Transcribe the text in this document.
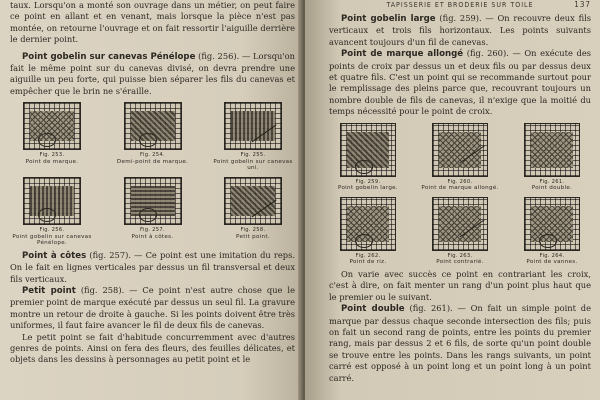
taux. Lorsqu'on a monté son ouvrage dans un métier, on peut faire ce point en allant et en venant, mais lorsque la pièce n'est pas montée, on retourne l'ouvrage et on fait ressortir l'aiguille derrière le dernier point.

Point gobelin sur canevas Pénélope (fig. 256). — Lorsqu'on fait le même point sur du canevas divisé, on devra prendre une aiguille un peu forte, qui puisse bien séparer les fils du canevas et empêcher que le brin ne s'éraille.

Fig. 253.
Point de marque.
Fig. 254.
Demi-point de marque.
Fig. 255.
Point gobelin sur canevas uni.
Fig. 256.
Point gobelin sur canevas Pénélope.
Fig. 257.
Point à côtes.
Fig. 258.
Petit point.

Point à côtes (fig. 257). — Ce point est une imitation du reps. On le fait en lignes verticales par dessus un fil transversal et deux fils verticaux.

Petit point (fig. 258). — Ce point n'est autre chose que le premier point de marque exécuté par dessus un seul fil. La gravure montre un retour de droite à gauche. Si les points doivent être très uniformes, il faut faire avancer le fil de deux fils de canevas.

Le petit point se fait d'habitude concurremment avec d'autres genres de points. Ainsi on fera des fleurs, des feuilles délicates, et objets dans les dessins à personnages au petit point et le

TAPISSERIE ET BRODERIE SUR TOILE	137

Point gobelin large (fig. 259). — On recouvre deux fils verticaux et trois fils horizontaux. Les points suivants avancent toujours d'un fil de canevas.

Point de marque allongé (fig. 260). — On exécute des points de croix par dessus un et deux fils ou par dessus deux et quatre fils. C'est un point qui se recommande surtout pour le remplissage des pleins parce que, recouvrant toujours un nombre double de fils de canevas, il n'exige que la moitié du temps nécessité pour le point de croix.

Fig. 259.
Point gobelin large.
Fig. 260.
Point de marque allongé.
Fig. 261.
Point double.
Fig. 262.
Point de riz.
Fig. 263.
Point contrarié.
Fig. 264.
Point de vannes.

On varie avec succès ce point en contrariant les croix, c'est à dire, on fait menter un rang d'un point plus haut que le premier ou le suivant.

Point double (fig. 261). — On fait un simple point de marque par dessus chaque seconde intersection des fils; puis on fait un second rang de points, entre les points du premier rang, mais par dessus 2 et 6 fils, de sorte qu'un point double se trouve entre les points. Dans les rangs suivants, un point carré est opposé à un point long et un point long à un point carré.
